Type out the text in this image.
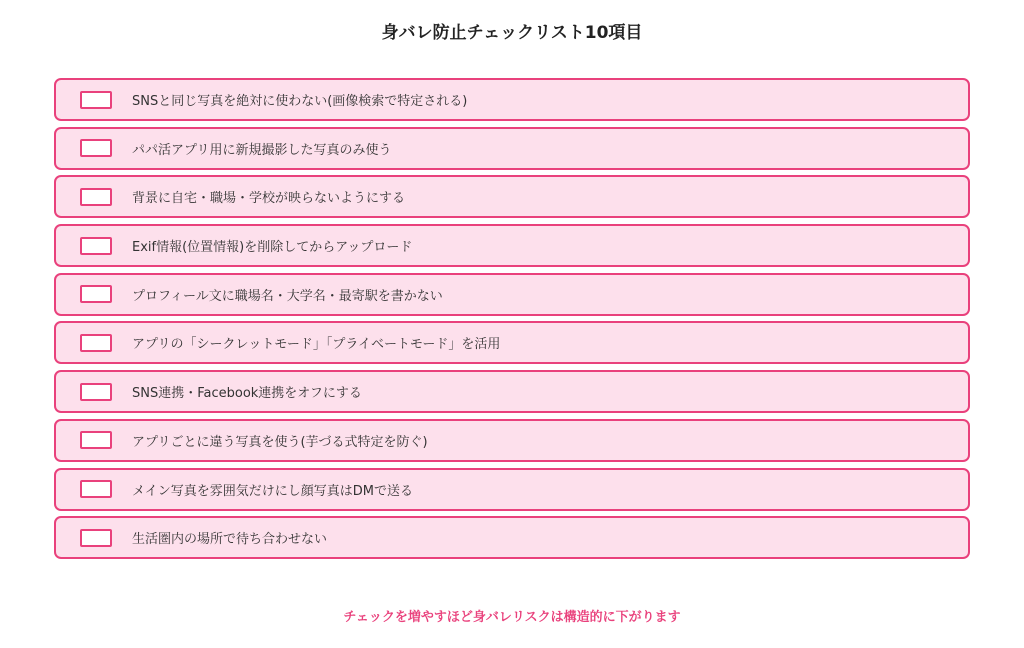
身バレ防止チェックリスト10項目
SNSと同じ写真を絶対に使わない(画像検索で特定される)
パパ活アプリ用に新規撮影した写真のみ使う
背景に自宅・職場・学校が映らないようにする
Exif情報(位置情報)を削除してからアップロード
プロフィール文に職場名・大学名・最寄駅を書かない
アプリの「シークレットモード」「プライベートモード」を活用
SNS連携・Facebook連携をオフにする
アプリごとに違う写真を使う(芋づる式特定を防ぐ)
メイン写真を雰囲気だけにし顔写真はDMで送る
生活圏内の場所で待ち合わせない

チェックを増やすほど身バレリスクは構造的に下がります
